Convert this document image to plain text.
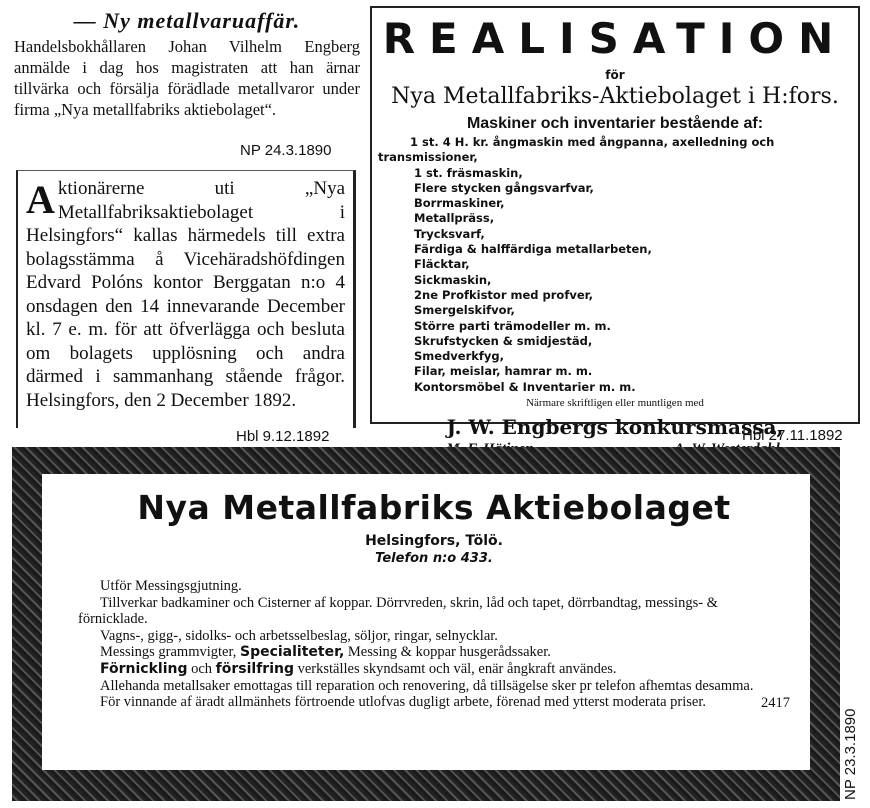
— Ny metallvaruaffär.
Handelsbokhållaren Johan Vilhelm Engberg anmälde i dag hos magistraten att han ärnar tillvärka och försälja förädlade metallvaror under firma „Nya metallfabriks aktiebolaget“.
NP 24.3.1890
Aktionärerne uti „Nya Metallfabriksaktiebolaget i Helsingfors“ kallas härmedels till extra bolagsstämma å Vicehäradshöfdingen Edvard Polóns kontor Berggatan n:o 4 onsdagen den 14 innevarande December kl. 7 e. m. för att öfverlägga och besluta om bolagets upplösning och andra därmed i sammanhang stående frågor. Helsingfors, den 2 December 1892.
Hbl 9.12.1892
REALISATION
för
Nya Metallfabriks-Aktiebolaget i H:fors.
Maskiner och inventarier bestående af:
1 st. 4 H. kr. ångmaskin med ångpanna, axelledning och
transmissioner,
1 st. fräsmaskin,
Flere stycken gångsvarfvar,
Borrmaskiner,
Metallpräss,
Trycksvarf,
Färdiga & halffärdiga metallarbeten,
Fläcktar,
Sickmaskin,
2ne Profkistor med profver,
Smergelskifvor,
Större parti trämodeller m. m.
Skrufstycken & smidjestäd,
Smedverkfyg,
Filar, meislar, hamrar m. m.
Kontorsmöbel & Inventarier m. m.
Närmare skriftligen eller muntligen med
J. W. Engbergs konkursmassa,
Hbl 27.11.1892
Nya Metallfabriks Aktiebolaget
Helsingfors, Tölö.
Telefon n:o 433.

Utför Messingsgjutning.

Tillverkar badkaminer och Cisterner af koppar. Dörrvreden, skrin, låd och tapet, dörrbandtag, messings- & förnicklade.

Vagns-, gigg-, sidolks- och arbetsselbeslag, söljor, ringar, selnycklar.

Messings grammvigter, Specialiteter, Messing & koppar husgerådssaker.

Förnickling och försilfring verkställes skyndsamt och väl, enär ångkraft användes.

Allehanda metallsaker emottagas till reparation och renovering, då tillsägelse sker pr telefon afhemtas desamma.

För vinnande af äradt allmänhets förtroende utlofvas dugligt arbete, förenad med ytterst moderata priser.	2417
NP 23.3.1890
